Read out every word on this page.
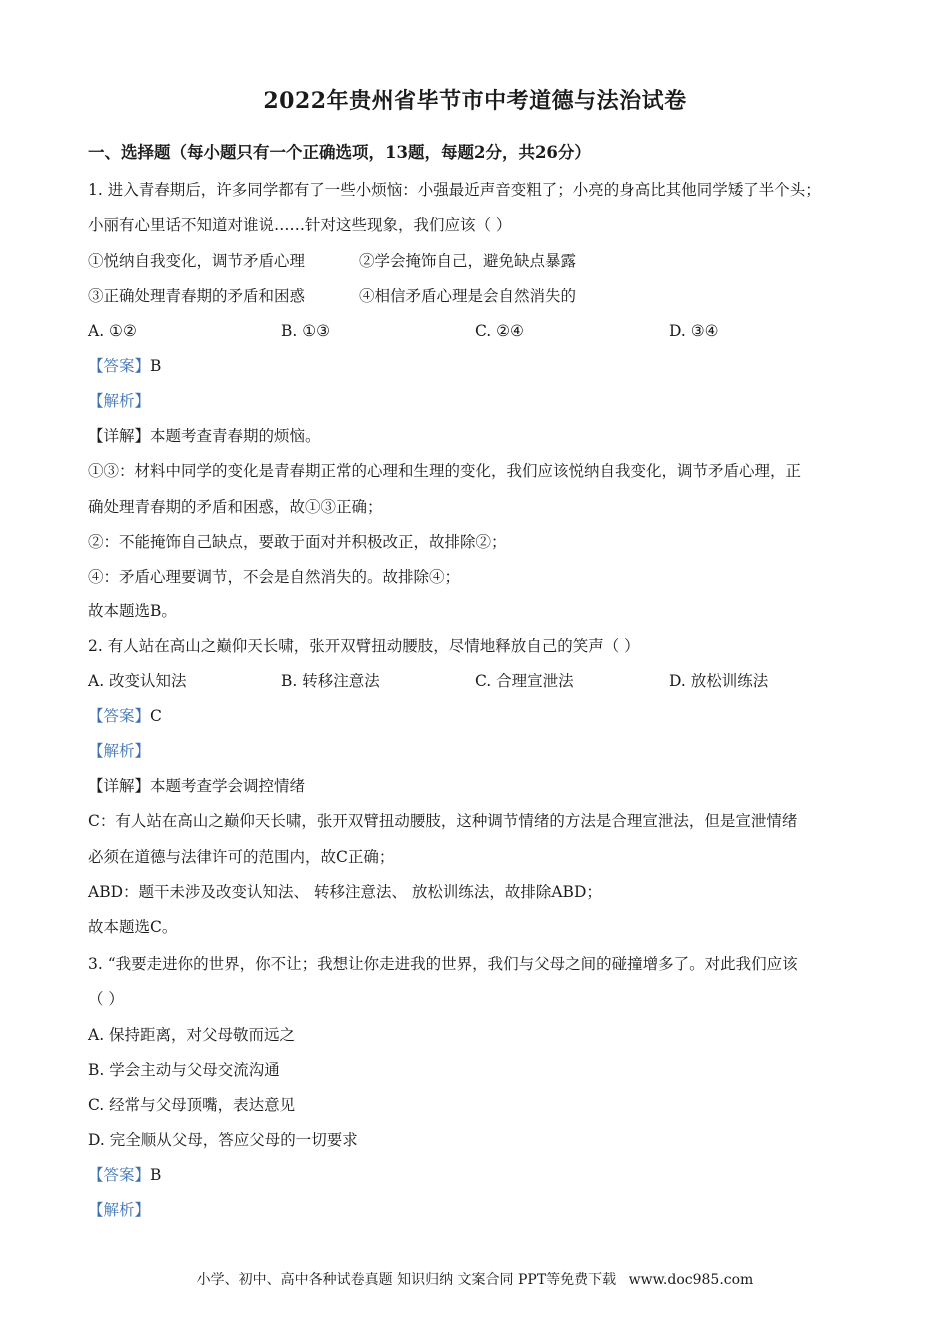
2022年贵州省毕节市中考道德与法治试卷
一、选择题（每小题只有一个正确选项，13题，每题2分，共26分）
1. 进入青春期后，许多同学都有了一些小烦恼：小强最近声音变粗了；小亮的身高比其他同学矮了半个头；
小丽有心里话不知道对谁说……针对这些现象，我们应该（ ）
①悦纳自我变化，调节矛盾心理	②学会掩饰自己，避免缺点暴露
③正确处理青春期的矛盾和困惑	④相信矛盾心理是会自然消失的
A. ①②	B. ①③	C. ②④	D. ③④
【答案】B
【解析】
【详解】本题考查青春期的烦恼。
①③：材料中同学的变化是青春期正常的心理和生理的变化，我们应该悦纳自我变化，调节矛盾心理，正
确处理青春期的矛盾和困惑，故①③正确；
②：不能掩饰自己缺点，要敢于面对并积极改正，故排除②；
④：矛盾心理要调节，不会是自然消失的。故排除④；
故本题选B。
2. 有人站在高山之巅仰天长啸，张开双臂扭动腰肢，尽情地释放自己的笑声（ ）
A. 改变认知法	B. 转移注意法	C. 合理宣泄法	D. 放松训练法
【答案】C
【解析】
【详解】本题考查学会调控情绪
C：有人站在高山之巅仰天长啸，张开双臂扭动腰肢，这种调节情绪的方法是合理宣泄法，但是宣泄情绪
必须在道德与法律许可的范围内，故C正确；
ABD：题干未涉及改变认知法、 转移注意法、 放松训练法，故排除ABD；
故本题选C。
3. “我要走进你的世界，你不让；我想让你走进我的世界，我们与父母之间的碰撞增多了。对此我们应该
（ ）
A. 保持距离，对父母敬而远之
B. 学会主动与父母交流沟通
C. 经常与父母顶嘴，表达意见
D. 完全顺从父母，答应父母的一切要求
【答案】B
【解析】
小学、初中、高中各种试卷真题 知识归纳 文案合同 PPT等免费下载 www.doc985.com
